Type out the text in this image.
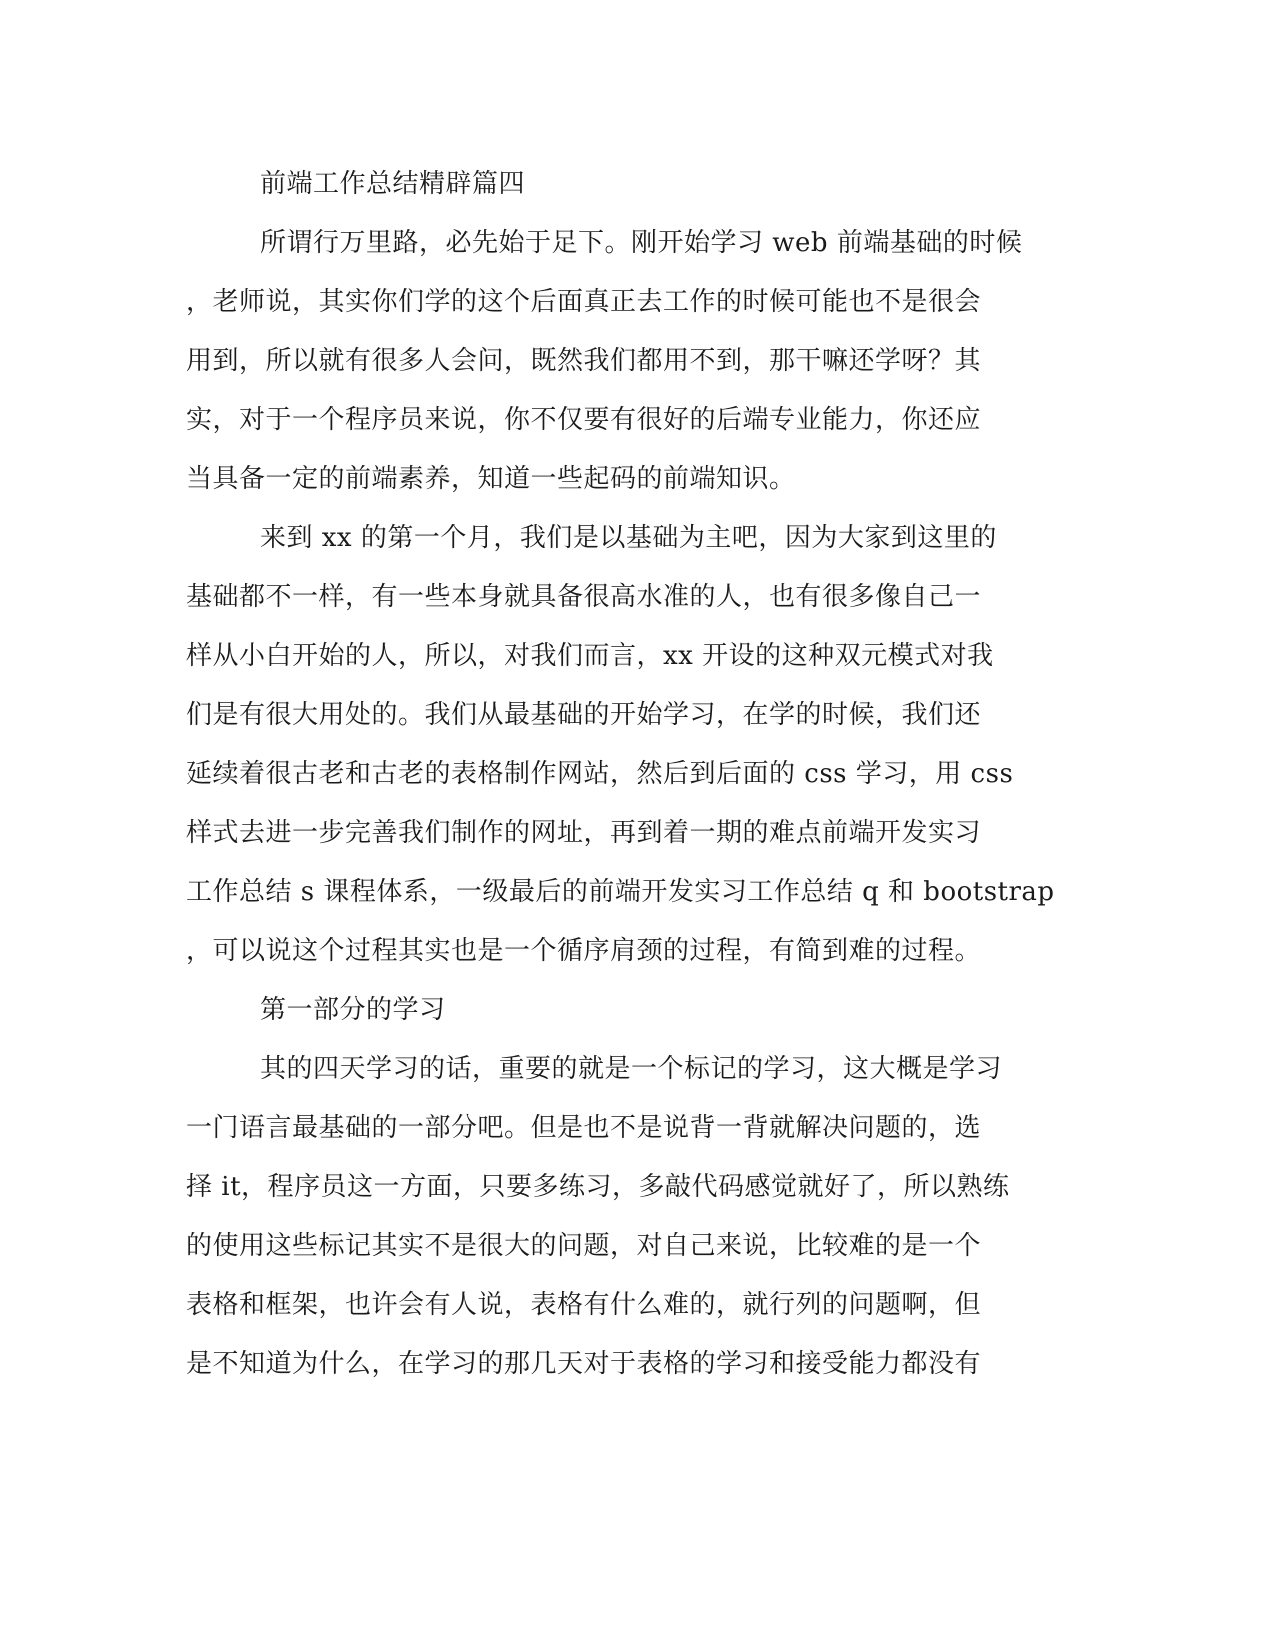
前端工作总结精辟篇四
所谓行万里路，必先始于足下。刚开始学习 web 前端基础的时候
，老师说，其实你们学的这个后面真正去工作的时候可能也不是很会
用到，所以就有很多人会问，既然我们都用不到，那干嘛还学呀？其
实，对于一个程序员来说，你不仅要有很好的后端专业能力，你还应
当具备一定的前端素养，知道一些起码的前端知识。
来到 xx 的第一个月，我们是以基础为主吧，因为大家到这里的
基础都不一样，有一些本身就具备很高水准的人，也有很多像自己一
样从小白开始的人，所以，对我们而言，xx 开设的这种双元模式对我
们是有很大用处的。我们从最基础的开始学习，在学的时候，我们还
延续着很古老和古老的表格制作网站，然后到后面的 css 学习，用 css
样式去进一步完善我们制作的网址，再到着一期的难点前端开发实习
工作总结 s 课程体系，一级最后的前端开发实习工作总结 q 和 bootstrap
，可以说这个过程其实也是一个循序肩颈的过程，有简到难的过程。
第一部分的学习
其的四天学习的话，重要的就是一个标记的学习，这大概是学习
一门语言最基础的一部分吧。但是也不是说背一背就解决问题的，选
择 it，程序员这一方面，只要多练习，多敲代码感觉就好了，所以熟练
的使用这些标记其实不是很大的问题，对自己来说，比较难的是一个
表格和框架，也许会有人说，表格有什么难的，就行列的问题啊，但
是不知道为什么，在学习的那几天对于表格的学习和接受能力都没有
